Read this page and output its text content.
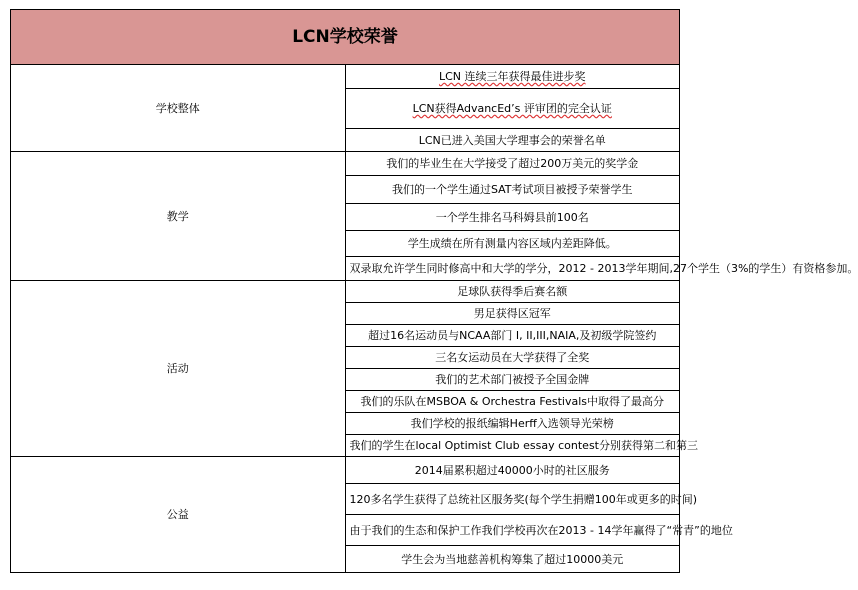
LCN学校荣誉	
学校整体	LCN 连续三年获得最佳进步奖
	LCN获得AdvancEd’s 评审团的完全认证
	LCN已进入美国大学理事会的荣誉名单
教学	我们的毕业生在大学接受了超过200万美元的奖学金
	我们的一个学生通过SAT考试项目被授予荣誉学生
	一个学生排名马科姆县前100名
	学生成绩在所有测量内容区域内差距降低。
	双录取允许学生同时修高中和大学的学分，2012 - 2013学年期间,27个学生（3%的学生）有资格参加。
活动	足球队获得季后赛名额
	男足获得区冠军
	超过16名运动员与NCAA部门 I, II,III,NAIA,及初级学院签约
	三名女运动员在大学获得了全奖
	我们的艺术部门被授予全国金牌
	我们的乐队在MSBOA & Orchestra Festivals中取得了最高分
	我们学校的报纸编辑Herff入选领导光荣榜
	我们的学生在local Optimist Club essay contest分别获得第二和第三
公益	2014届累积超过40000小时的社区服务
	120多名学生获得了总统社区服务奖(每个学生捐赠100年或更多的时间)
	由于我们的生态和保护工作我们学校再次在2013 - 14学年赢得了“常青”的地位
	学生会为当地慈善机构筹集了超过10000美元
